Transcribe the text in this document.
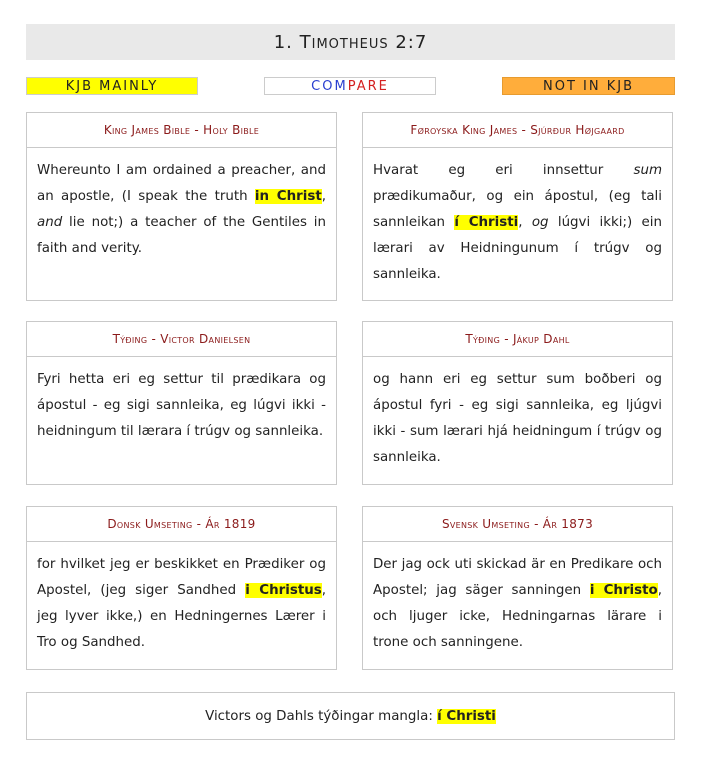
1.
Timotheus
2:7
KJB MAINLY	COM PARE	NOT IN KJB
King James Bible - Holy Bible
Whereunto I am ordained a preacher, and an apostle, (I speak the truth in Christ, and lie not;) a teacher of the Gentiles in faith and verity.
Føroyska King James - Sjúrður Højgaard
Hvarat eg eri innsettur sum prædikumaður, og ein ápostul, (eg tali sannleikan í Christi, og lúgvi ikki;) ein lærari av Heidningunum í trúgv og sannleika.
Týðing - Victor Danielsen
Fyri hetta eri eg settur til prædikara og ápostul - eg sigi sannleika, eg lúgvi ikki - heidningum til lærara í trúgv og sannleika.
Týðing - Jákup Dahl
og hann eri eg settur sum boðberi og ápostul fyri - eg sigi sannleika, eg ljúgvi ikki - sum lærari hjá heidningum í trúgv og sannleika.
Donsk Umseting - Ár 1819
for hvilket jeg er beskikket en Prædiker og Apostel, (jeg siger Sandhed i Christus, jeg lyver ikke,) en Hedningernes Lærer i Tro og Sandhed.
Svensk Umseting - Ár 1873
Der jag ock uti skickad är en Predikare och Apostel; jag säger sanningen i Christo, och ljuger icke, Hedningarnas lärare i trone och sanningene.
Victors og Dahls týðingar mangla:
í Christi
